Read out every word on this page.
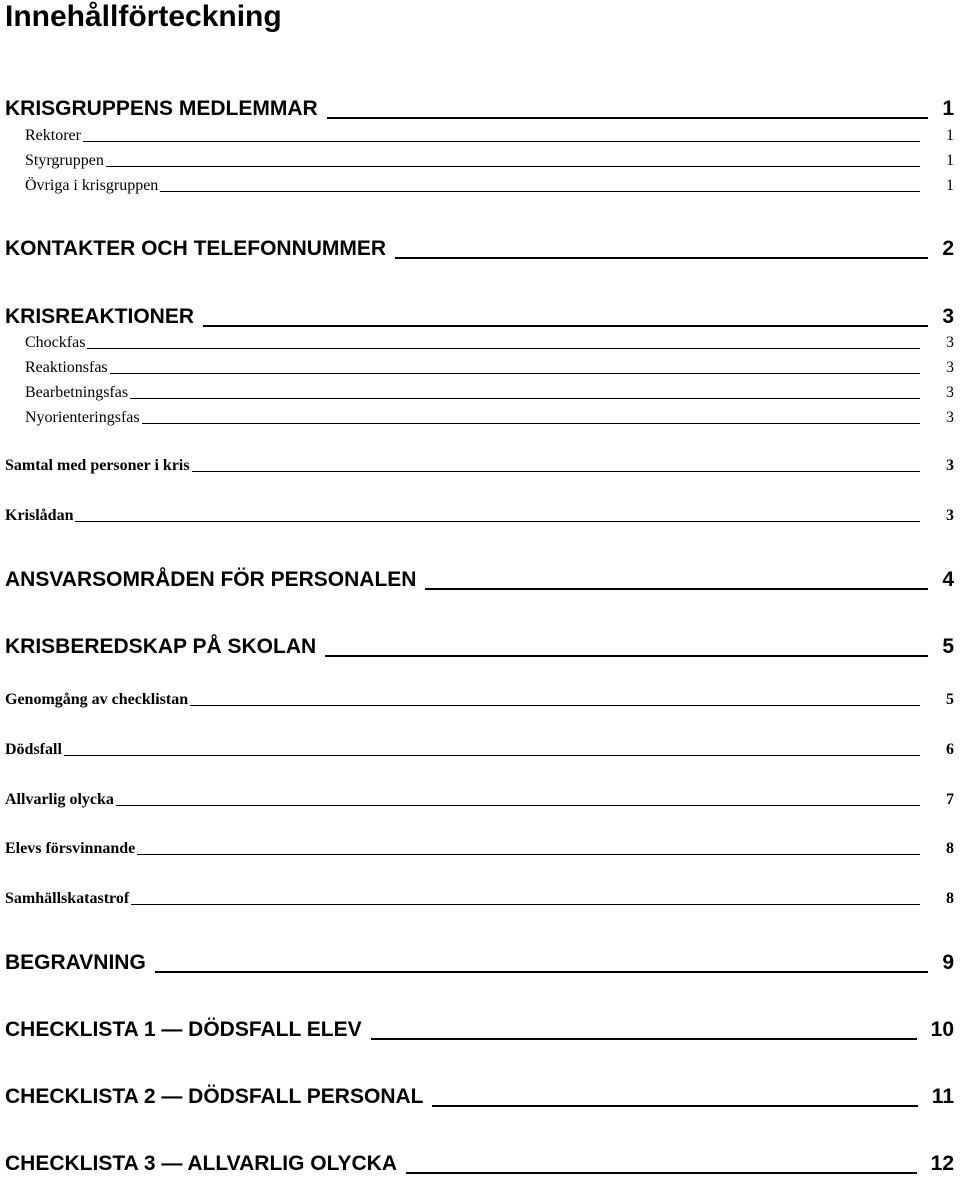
Innehållförteckning
KRISGRUPPENS MEDLEMMAR	1
Rektorer	1
Styrgruppen	1
Övriga i krisgruppen	1
KONTAKTER OCH TELEFONNUMMER	2
KRISREAKTIONER	3
Chockfas	3
Reaktionsfas	3
Bearbetningsfas	3
Nyorienteringsfas	3
Samtal med personer i kris	3
Krislådan	3
ANSVARSOMRÅDEN FÖR PERSONALEN	4
KRISBEREDSKAP PÅ SKOLAN	5
Genomgång av checklistan	5
Dödsfall	6
Allvarlig olycka	7
Elevs försvinnande	8
Samhällskatastrof	8
BEGRAVNING	9
CHECKLISTA 1 — DÖDSFALL ELEV	10
CHECKLISTA 2 — DÖDSFALL PERSONAL	11
CHECKLISTA 3 — ALLVARLIG OLYCKA	12
